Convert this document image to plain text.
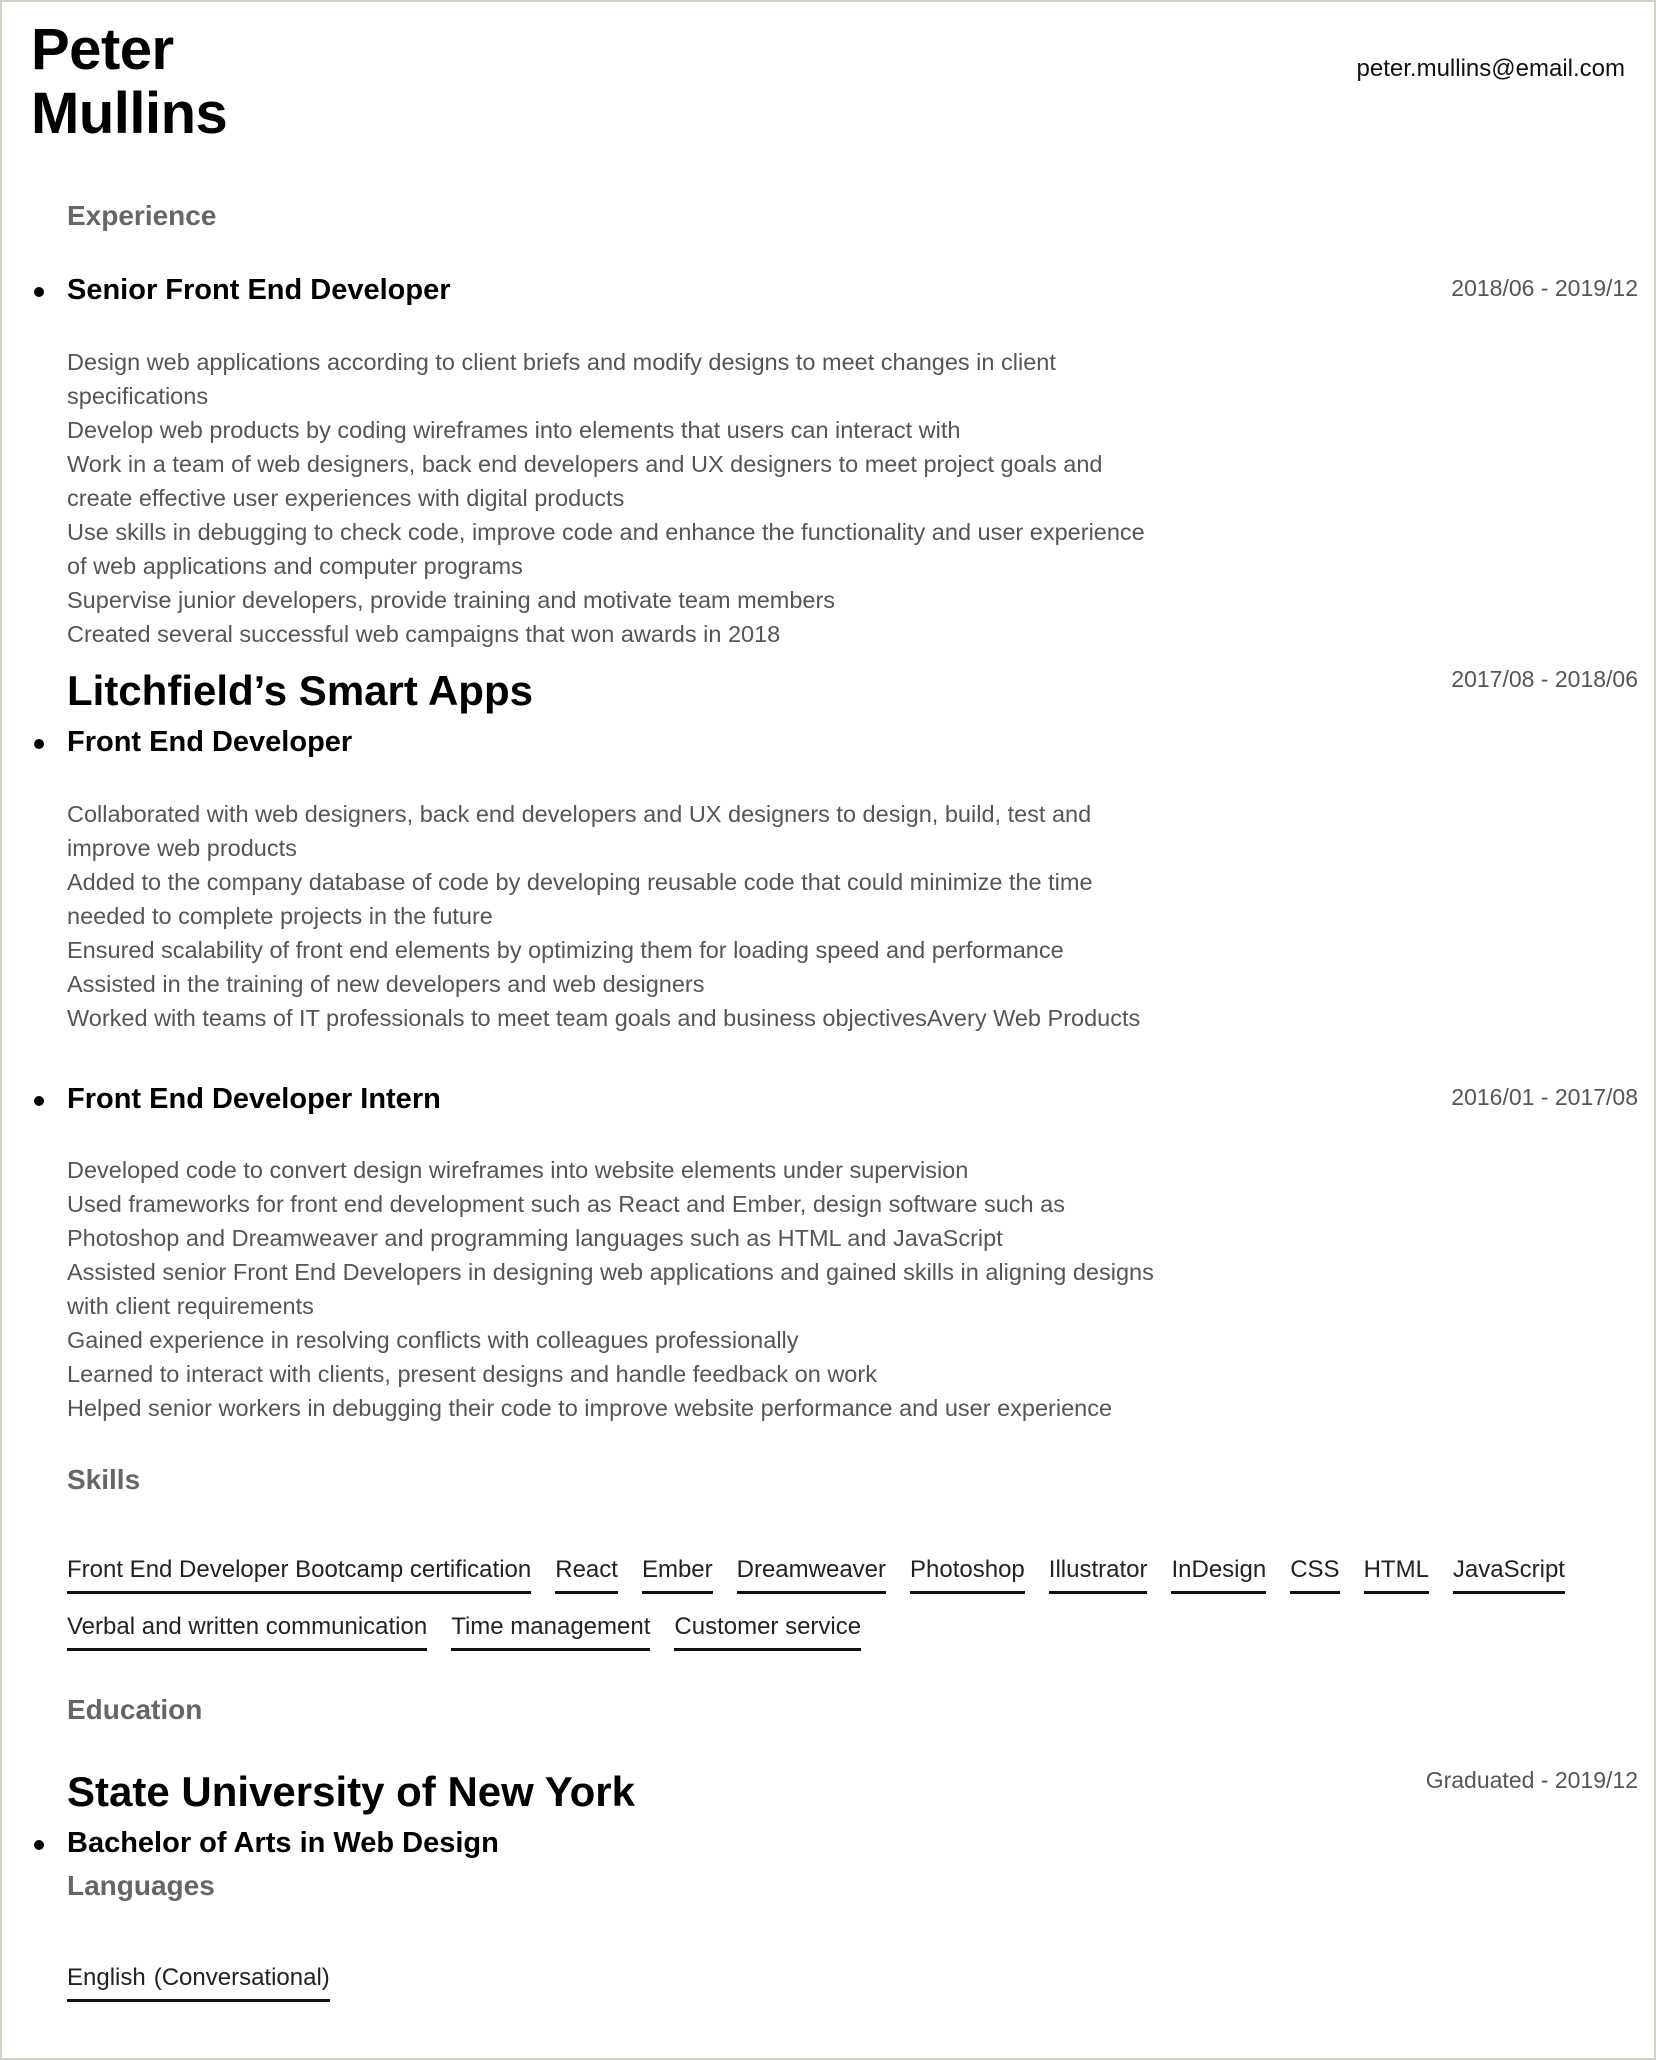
Peter
Mullins
peter.mullins@email.com
Experience
Senior Front End Developer	2018/06 - 2019/12
Design web applications according to client briefs and modify designs to meet changes in client specifications
Develop web products by coding wireframes into elements that users can interact with
Work in a team of web designers, back end developers and UX designers to meet project goals and create effective user experiences with digital products
Use skills in debugging to check code, improve code and enhance the functionality and user experience of web applications and computer programs
Supervise junior developers, provide training and motivate team members
Created several successful web campaigns that won awards in 2018
Litchfield’s Smart Apps	2017/08 - 2018/06
Front End Developer
Collaborated with web designers, back end developers and UX designers to design, build, test and improve web products
Added to the company database of code by developing reusable code that could minimize the time needed to complete projects in the future
Ensured scalability of front end elements by optimizing them for loading speed and performance
Assisted in the training of new developers and web designers
Worked with teams of IT professionals to meet team goals and business objectivesAvery Web Products
Front End Developer Intern	2016/01 - 2017/08
Developed code to convert design wireframes into website elements under supervision
Used frameworks for front end development such as React and Ember, design software such as Photoshop and Dreamweaver and programming languages such as HTML and JavaScript
Assisted senior Front End Developers in designing web applications and gained skills in aligning designs with client requirements
Gained experience in resolving conflicts with colleagues professionally
Learned to interact with clients, present designs and handle feedback on work
Helped senior workers in debugging their code to improve website performance and user experience
Skills
Front End Developer Bootcamp certification React Ember Dreamweaver Photoshop Illustrator InDesign CSS HTML JavaScript
Verbal and written communication Time management Customer service
Education
State University of New York	Graduated - 2019/12
Bachelor of Arts in Web Design
Languages
English (Conversational)
